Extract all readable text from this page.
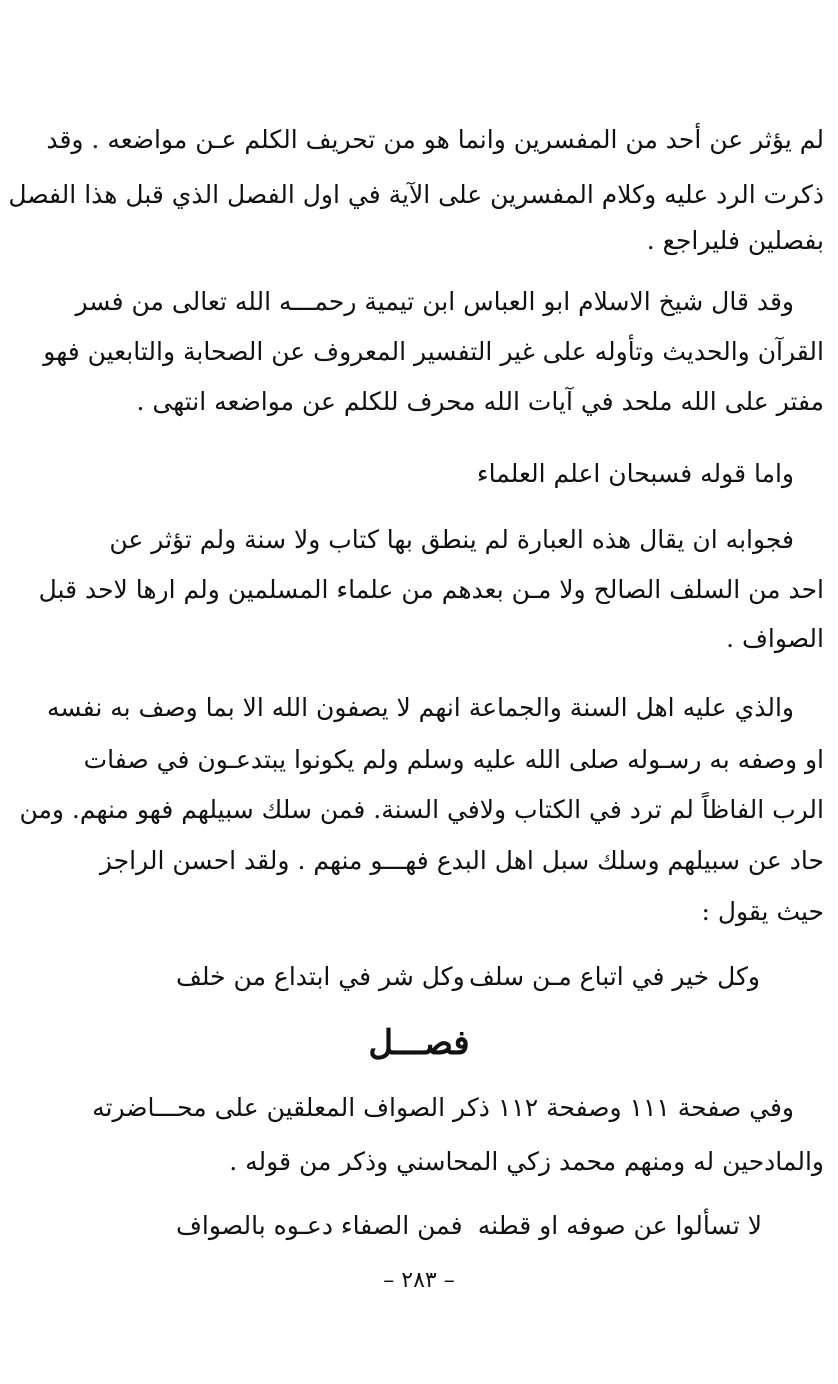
لم يؤثر عن أحد من المفسرين وانما هو من تحريف الكلم عـن مواضعه . وقد
ذكرت الرد عليه وكلام المفسرين على الآية في اول الفصل الذي قبل هذا الفصل
بفصلين فليراجع .
وقد قال شيخ الاسلام ابو العباس ابن تيمية رحمـــه الله تعالى من فسر
القرآن والحديث وتأوله على غير التفسير المعروف عن الصحابة والتابعين فهو
مفتر على الله ملحد في آيات الله محرف للكلم عن مواضعه انتهى .
واما قوله فسبحان اعلم العلماء
فجوابه ان يقال هذه العبارة لم ينطق بها كتاب ولا سنة ولم تؤثر عن
احد من السلف الصالح ولا مـن بعدهم من علماء المسلمين ولم ارها لاحد قبل
الصواف .
والذي عليه اهل السنة والجماعة انهم لا يصفون الله الا بما وصف به نفسه
او وصفه به رسـوله صلى الله عليه وسلم ولم يكونوا يبتدعـون في صفات
الرب الفاظاً لم ترد في الكتاب ولافي السنة. فمن سلك سبيلهم فهو منهم. ومن
حاد عن سبيلهم وسلك سبل اهل البدع فهـــو منهم . ولقد احسن الراجز
حيث يقول :
وكل خير في اتباع مـن سلف
وكل شر في ابتداع من خلف
فصـــل
وفي صفحة ١١١ وصفحة ١١٢ ذكر الصواف المعلقين على محـــاضرته
والمادحين له ومنهم محمد زكي المحاسني وذكر من قوله .
لا تسألوا عن صوفه او قطنه
فمن الصفاء دعـوه بالصواف
– ٢٨٣ –
